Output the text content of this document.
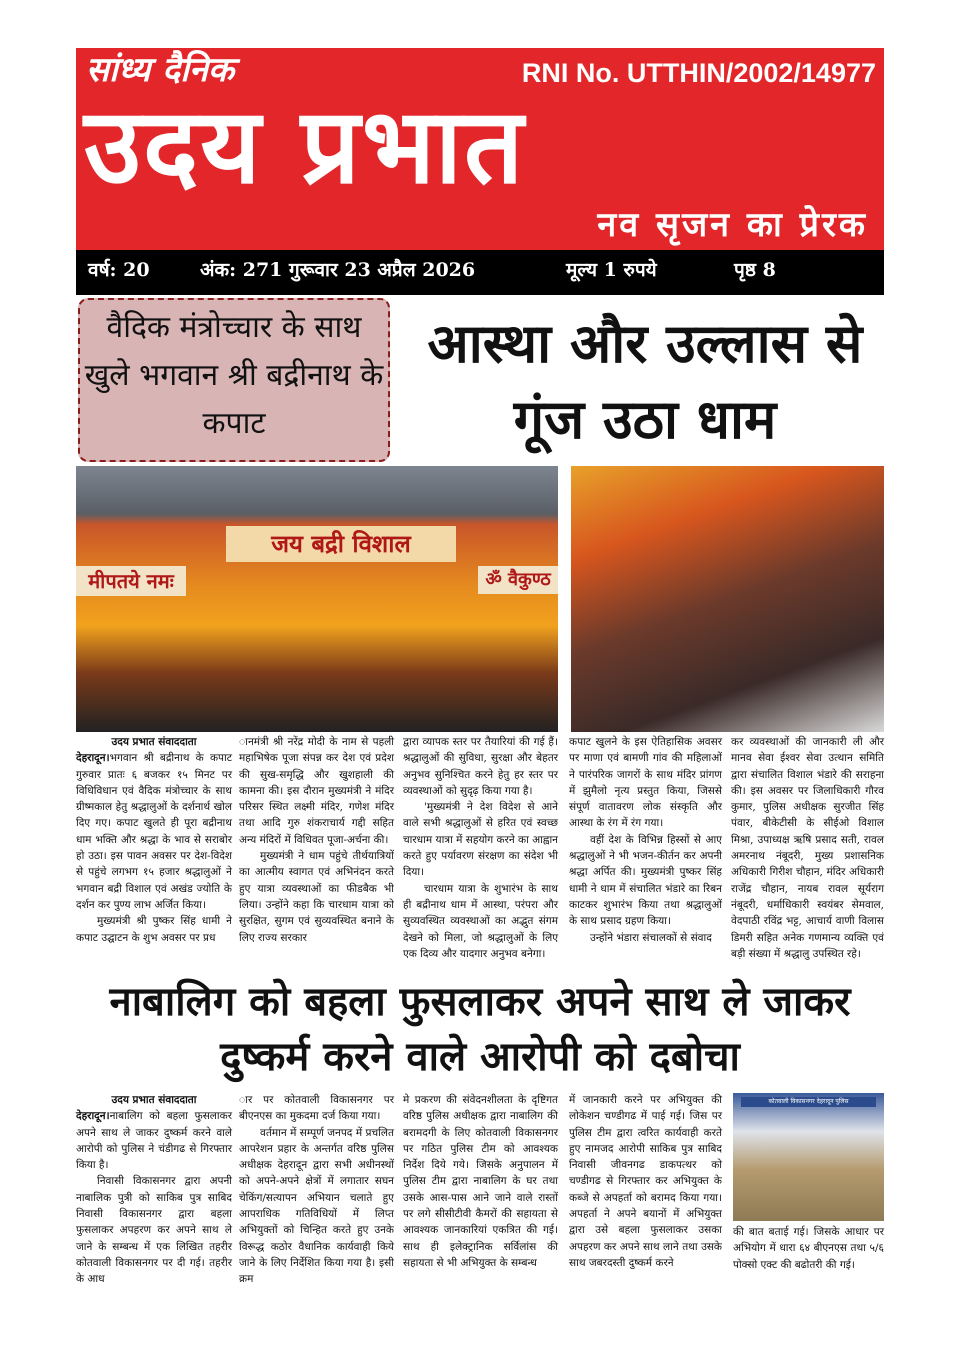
सांध्य दैनिक	RNI No. UTTHIN/2002/14977
उदय प्रभात
नव सृजन का प्रेरक
वर्ष: 20	अंक: 271 गुरूवार 23 अप्रैल 2026	मूल्य 1 रुपये	पृष्ठ 8
वैदिक मंत्रोच्चार के साथ खुले भगवान श्री बद्रीनाथ के कपाट
आस्था और उल्लास से गूंज उठा धाम
जय बद्री विशाल
मीपतये नमः	ॐ वैकुण्ठ

उदय प्रभात संवाददाता

देहरादून।भगवान श्री बद्रीनाथ के कपाट गुरुवार प्रातः ६ बजकर १५ मिनट पर विधिविधान एवं वैदिक मंत्रोच्चार के साथ ग्रीष्मकाल हेतु श्रद्धालुओं के दर्शनार्थ खोल दिए गए। कपाट खुलते ही पूरा बद्रीनाथ धाम भक्ति और श्रद्धा के भाव से सराबोर हो उठा। इस पावन अवसर पर देश-विदेश से पहुंचे लगभग १५ हजार श्रद्धालुओं ने भगवान बद्री विशाल एवं अखंड ज्योति के दर्शन कर पुण्य लाभ अर्जित किया।

मुख्यमंत्री श्री पुष्कर सिंह धामी ने कपाट उद्घाटन के शुभ अवसर पर प्रध

ानमंत्री श्री नरेंद्र मोदी के नाम से पहली महाभिषेक पूजा संपन्न कर देश एवं प्रदेश की सुख-समृद्धि और खुशहाली की कामना की। इस दौरान मुख्यमंत्री ने मंदिर परिसर स्थित लक्ष्मी मंदिर, गणेश मंदिर तथा आदि गुरु शंकराचार्य गद्दी सहित अन्य मंदिरों में विधिवत पूजा-अर्चना की।

मुख्यमंत्री ने धाम पहुंचे तीर्थयात्रियों का आत्मीय स्वागत एवं अभिनंदन करते हुए यात्रा व्यवस्थाओं का फीडबैक भी लिया। उन्होंने कहा कि चारधाम यात्रा को सुरक्षित, सुगम एवं सुव्यवस्थित बनाने के लिए राज्य सरकार

द्वारा व्यापक स्तर पर तैयारियां की गई हैं। श्रद्धालुओं की सुविधा, सुरक्षा और बेहतर अनुभव सुनिश्चित करने हेतु हर स्तर पर व्यवस्थाओं को सुदृढ़ किया गया है।

'मुख्यमंत्री ने देश विदेश से आने वाले सभी श्रद्धालुओं से हरित एवं स्वच्छ चारधाम यात्रा में सहयोग करने का आह्वान करते हुए पर्यावरण संरक्षण का संदेश भी दिया।

चारधाम यात्रा के शुभारंभ के साथ ही बद्रीनाथ धाम में आस्था, परंपरा और सुव्यवस्थित व्यवस्थाओं का अद्भुत संगम देखने को मिला, जो श्रद्धालुओं के लिए एक दिव्य और यादगार अनुभव बनेगा।

कपाट खुलने के इस ऐतिहासिक अवसर पर माणा एवं बामणी गांव की महिलाओं ने पारंपरिक जागरों के साथ मंदिर प्रांगण में झुमैलो नृत्य प्रस्तुत किया, जिससे संपूर्ण वातावरण लोक संस्कृति और आस्था के रंग में रंग गया।

वहीं देश के विभिन्न हिस्सों से आए श्रद्धालुओं ने भी भजन-कीर्तन कर अपनी श्रद्धा अर्पित की। मुख्यमंत्री पुष्कर सिंह धामी ने धाम में संचालित भंडारे का रिबन काटकर शुभारंभ किया तथा श्रद्धालुओं के साथ प्रसाद ग्रहण किया।

उन्होंने भंडारा संचालकों से संवाद

कर व्यवस्थाओं की जानकारी ली और मानव सेवा ईश्वर सेवा उत्थान समिति द्वारा संचालित विशाल भंडारे की सराहना की। इस अवसर पर जिलाधिकारी गौरव कुमार, पुलिस अधीक्षक सुरजीत सिंह पंवार, बीकेटीसी के सीईओ विशाल मिश्रा, उपाध्यक्ष ऋषि प्रसाद सती, रावल अमरनाथ नंबूदरी, मुख्य प्रशासनिक अधिकारी गिरीश चौहान, मंदिर अधिकारी राजेंद्र चौहान, नायब रावल सूर्यराग नंबूदरी, धर्माधिकारी स्वयंबर सेमवाल, वेदपाठी रविंद्र भट्ट, आचार्य वाणी विलास डिमरी सहित अनेक गणमान्य व्यक्ति एवं बड़ी संख्या में श्रद्धालु उपस्थित रहे।

नाबालिग को बहला फुसलाकर अपने साथ ले जाकर दुष्कर्म करने वाले आरोपी को दबोचा
कोतवाली विकासनगर देहरादून पुलिस

उदय प्रभात संवाददाता

देहरादून।नाबालिग को बहला फुसलाकर अपने साथ ले जाकर दुष्कर्म करने वाले आरोपी को पुलिस ने चंडीगढ से गिरफ्तार किया है।

निवासी विकासनगर द्वारा अपनी नाबालिक पुत्री को साकिब पुत्र साबिद निवासी विकासनगर द्वारा बहला फुसलाकर अपहरण कर अपने साथ ले जाने के सम्बन्ध में एक लिखित तहरीर कोतवाली विकासनगर पर दी गई। तहरीर के आध

ार पर कोतवाली विकासनगर पर बीएनएस का मुकदमा दर्ज किया गया।

वर्तमान में सम्पूर्ण जनपद में प्रचलित आपरेशन प्रहार के अन्तर्गत वरिष्ठ पुलिस अधीक्षक देहरादून द्वारा सभी अधीनस्थों को अपने-अपने क्षेत्रों में लगातार सघन चेकिंग/सत्यापन अभियान चलाते हुए आपराधिक गतिविधियों में लिप्त अभियुक्तों को चिन्हित करते हुए उनके विरूद्ध कठोर वैधानिक कार्यवाही किये जाने के लिए निर्देशित किया गया है। इसी क्रम

मे प्रकरण की संवेदनशीलता के दृष्टिगत वरिष्ठ पुलिस अधीक्षक द्वारा नाबालिग की बरामदगी के लिए कोतवाली विकासनगर पर गठित पुलिस टीम को आवश्यक निर्देश दिये गये। जिसके अनुपालन में पुलिस टीम द्वारा नाबालिग के घर तथा उसके आस-पास आने जाने वाले रास्तों पर लगे सीसीटीवी कैमरों की सहायता से आवश्यक जानकारियां एकत्रित की गई। साथ ही इलेक्ट्रानिक सर्विलांस की सहायता से भी अभियुक्त के सम्बन्ध

में जानकारी करने पर अभियुक्त की लोकेशन चण्डीगढ में पाई गई। जिस पर पुलिस टीम द्वारा त्वरित कार्यवाही करते हुए नामजद आरोपी साकिब पुत्र साबिद निवासी जीवनगढ डाकपत्थर को चण्डीगढ से गिरफ्तार कर अभियुक्त के कब्जे से अपहर्ता को बरामद किया गया। अपहर्ता ने अपने बयानों में अभियुक्त द्वारा उसे बहला फुसलाकर उसका अपहरण कर अपने साथ लाने तथा उसके साथ जबरदस्ती दुष्कर्म करने

की बात बताई गई। जिसके आधार पर अभियोग में धारा ६४ बीएनएस तथा ५/६ पोक्सो एक्ट की बढोतरी की गई।
